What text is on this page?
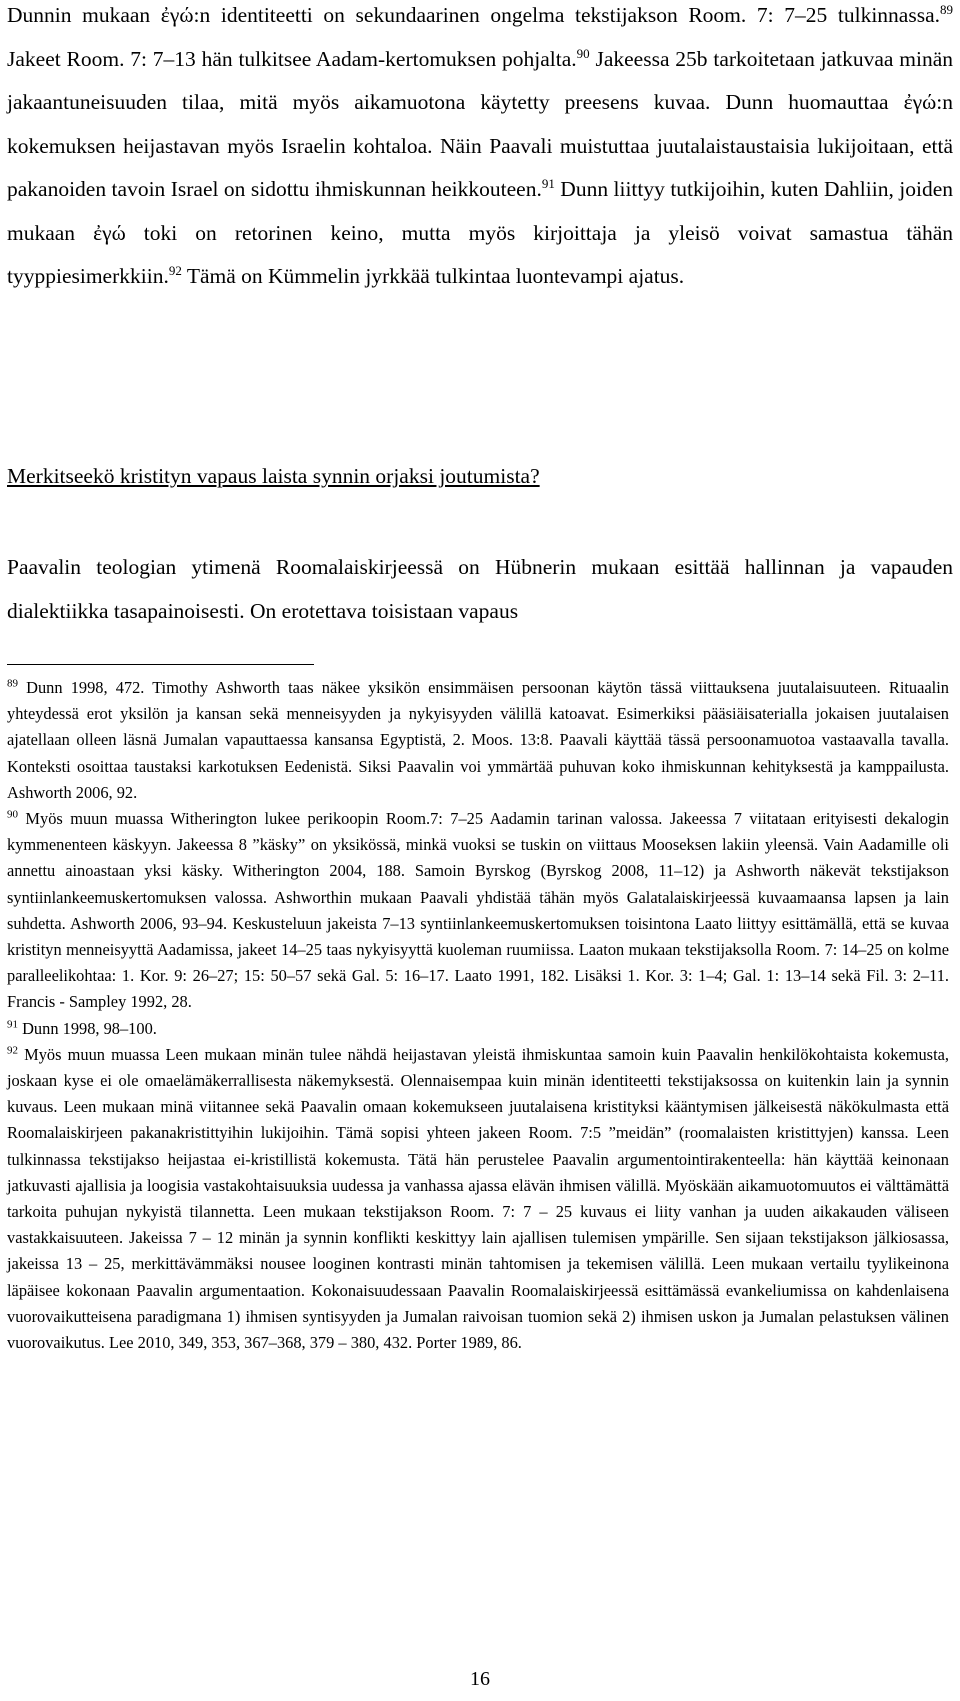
Dunnin mukaan ἐγώ:n identiteetti on sekundaarinen ongelma tekstijakson Room. 7: 7–25 tulkinnassa.$^{89}$ Jakeet Room. 7: 7–13 hän tulkitsee Aadam-kertomuksen pohjalta.$^{90}$ Jakeessa 25b tarkoitetaan jatkuvaa minän jakaantuneisuuden tilaa, mitä myös aikamuotona käytetty preesens kuvaa. Dunn huomauttaa ἐγώ:n kokemuksen heijastavan myös Israelin kohtaloa. Näin Paavali muistuttaa juutalaistaustaisia lukijoitaan, että pakanoiden tavoin Israel on sidottu ihmiskunnan heikkouteen.$^{91}$ Dunn liittyy tutkijoihin, kuten Dahliin, joiden mukaan ἐγώ toki on retorinen keino, mutta myös kirjoittaja ja yleisö voivat samastua tähän tyyppiesimerkkiin.$^{92}$ Tämä on Kümmelin jyrkkää tulkintaa luontevampi ajatus.

Merkitseekö kristityn vapaus laista synnin orjaksi joutumista?

Paavalin teologian ytimenä Roomalaiskirjeessä on Hübnerin mukaan esittää hallinnan ja vapauden dialektiikka tasapainoisesti. On erotettava toisistaan vapaus

$^{89}$ Dunn 1998, 472. Timothy Ashworth taas näkee yksikön ensimmäisen persoonan käytön tässä viittauksena juutalaisuuteen. Rituaalin yhteydessä erot yksilön ja kansan sekä menneisyyden ja nykyisyyden välillä katoavat. Esimerkiksi pääsiäisateriall​a jokaisen juutalaisen ajatellaan olleen läsnä Jumalan vapauttaessa kansansa Egyptistä, 2. Moos. 13:8. Paavali käyttää tässä persoonamuotoa vastaavalla tavalla. Konteksti osoittaa taustaksi karkotuksen Eedenistä. Siksi Paavalin voi ymmärtää puhuvan koko ihmiskunnan kehityksestä ja kamppailusta. Ashworth 2006, 92.

$^{90}$ Myös muun muassa Witherington lukee perikoopin Room.7: 7–25 Aadamin tarinan valossa. Jakeessa 7 viitataan erityisesti dekalogin kymmenenteen käskyyn. Jakeessa 8 ”käsky” on yksikössä, minkä vuoksi se tuskin on viittaus Mooseksen lakiin yleensä. Vain Aadamille oli annettu ainoastaan yksi käsky. Witherington 2004, 188. Samoin Byrskog (Byrskog 2008, 11–12) ja Ashworth näkevät tekstijakson syntiinlankeemuskertomuksen valossa. Ashworthin mukaan Paavali yhdistää tähän myös Galatalaiskirjeessä kuvaamaansa lapsen ja lain suhdetta. Ashworth 2006, 93–94. Keskusteluun jakeista 7–13 syntiinlankeemuskertomuksen toisintona Laato liittyy esittämällä, että se kuvaa kristityn menneisyyttä Aadamissa, jakeet 14–25 taas nykyisyyttä kuoleman ruumiissa. Laaton mukaan tekstijaksolla Room. 7: 14–25 on kolme paralleelikohtaa: 1. Kor. 9: 26–27; 15: 50–57 sekä Gal. 5: 16–17. Laato 1991, 182. Lisäksi 1. Kor. 3: 1–4; Gal. 1: 13–14 sekä Fil. 3: 2–11. Francis - Sampley 1992, 28.

$^{91}$ Dunn 1998, 98–100.

$^{92}$ Myös muun muassa Leen mukaan minän tulee nähdä heijastavan yleistä ihmiskuntaa samoin kuin Paavalin henkilökohtaista kokemusta, joskaan kyse ei ole omaelämäkerrallisesta näkemyksestä. Olennaisempaa kuin minän identiteetti tekstijaksossa on kuitenkin lain ja synnin kuvaus. Leen mukaan minä viitannee sekä Paavalin omaan kokemukseen juutalaisena kristityksi kääntymisen jälkeisestä näkökulmasta että Roomalaiskirjeen pakanakristittyihin lukijoihin. Tämä sopisi yhteen jakeen Room. 7:5 ”meidän” (roomalaisten kristittyjen) kanssa. Leen tulkinnassa tekstijakso heijastaa ei-kristillistä kokemusta. Tätä hän perustelee Paavalin argumentointirakenteella: hän käyttää keinonaan jatkuvasti ajallisia ja loogisia vastakohtaisuuksia uudessa ja vanhassa ajassa elävän ihmisen välillä. Myöskään aikamuotomuutos ei välttämättä tarkoita puhujan nykyistä tilannetta. Leen mukaan tekstijakson Room. 7: 7 – 25 kuvaus ei liity vanhan ja uuden aikakauden väliseen vastakkaisuuteen. Jakeissa 7 – 12 minän ja synnin konflikti keskittyy lain ajallisen tulemisen ympärille. Sen sijaan tekstijakson jälkiosassa, jakeissa 13 – 25, merkittävämmäksi nousee looginen kontrasti minän tahtomisen ja tekemisen välillä. Leen mukaan vertailu tyylikeinona läpäisee kokonaan Paavalin argumentaation. Kokonaisuudessaan Paavalin Roomalaiskirjeessä esittämässä evankeliumissa on kahdenlaisena vuorovaikutteisena paradigmana 1) ihmisen syntisyyden ja Jumalan raivoisan tuomion sekä 2) ihmisen uskon ja Jumalan pelastuksen välinen vuorovaikutus. Lee 2010, 349, 353, 367–368, 379 – 380, 432. Porter 1989, 86.

16
